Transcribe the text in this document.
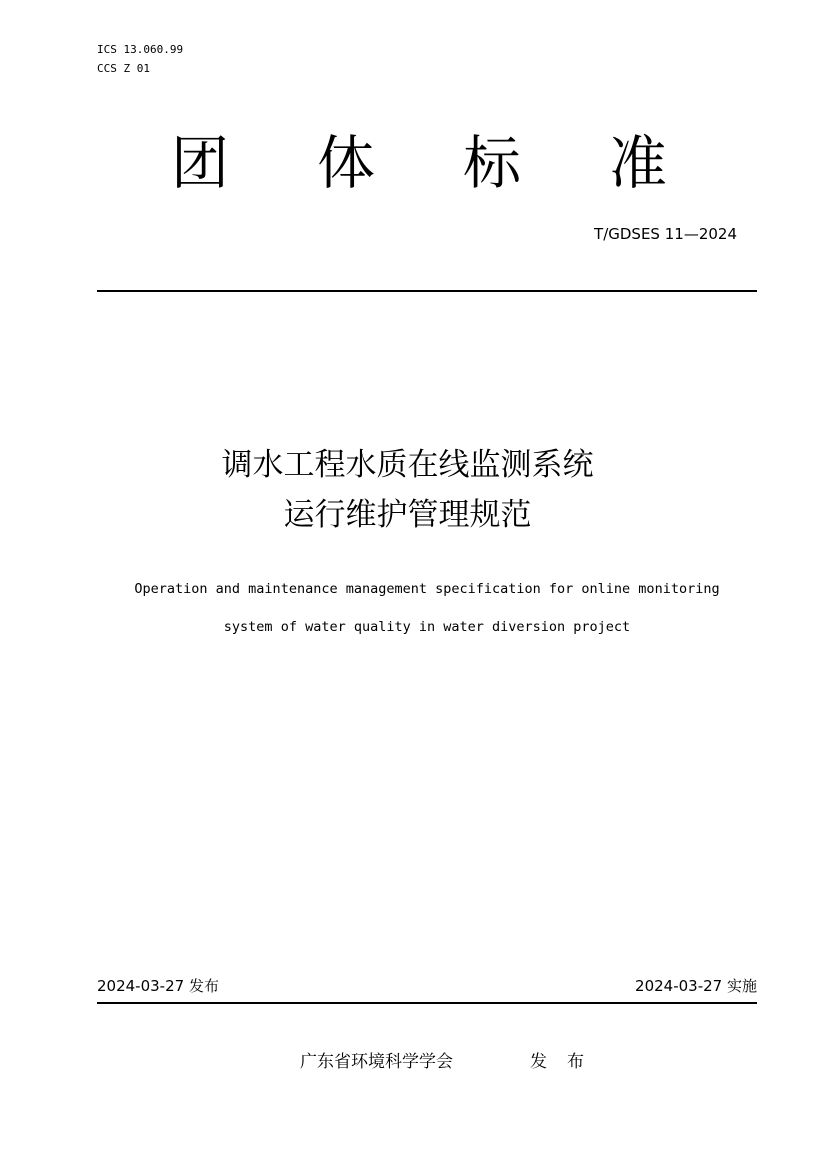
ICS 13.060.99
CCS Z 01
团 体 标 准
T/GDSES 11—2024
调水工程水质在线监测系统
运行维护管理规范
Operation and maintenance management specification for online monitoring
system of water quality in water diversion project
2024-03-27 发布	2024-03-27 实施
广东省环境科学学会	发布
